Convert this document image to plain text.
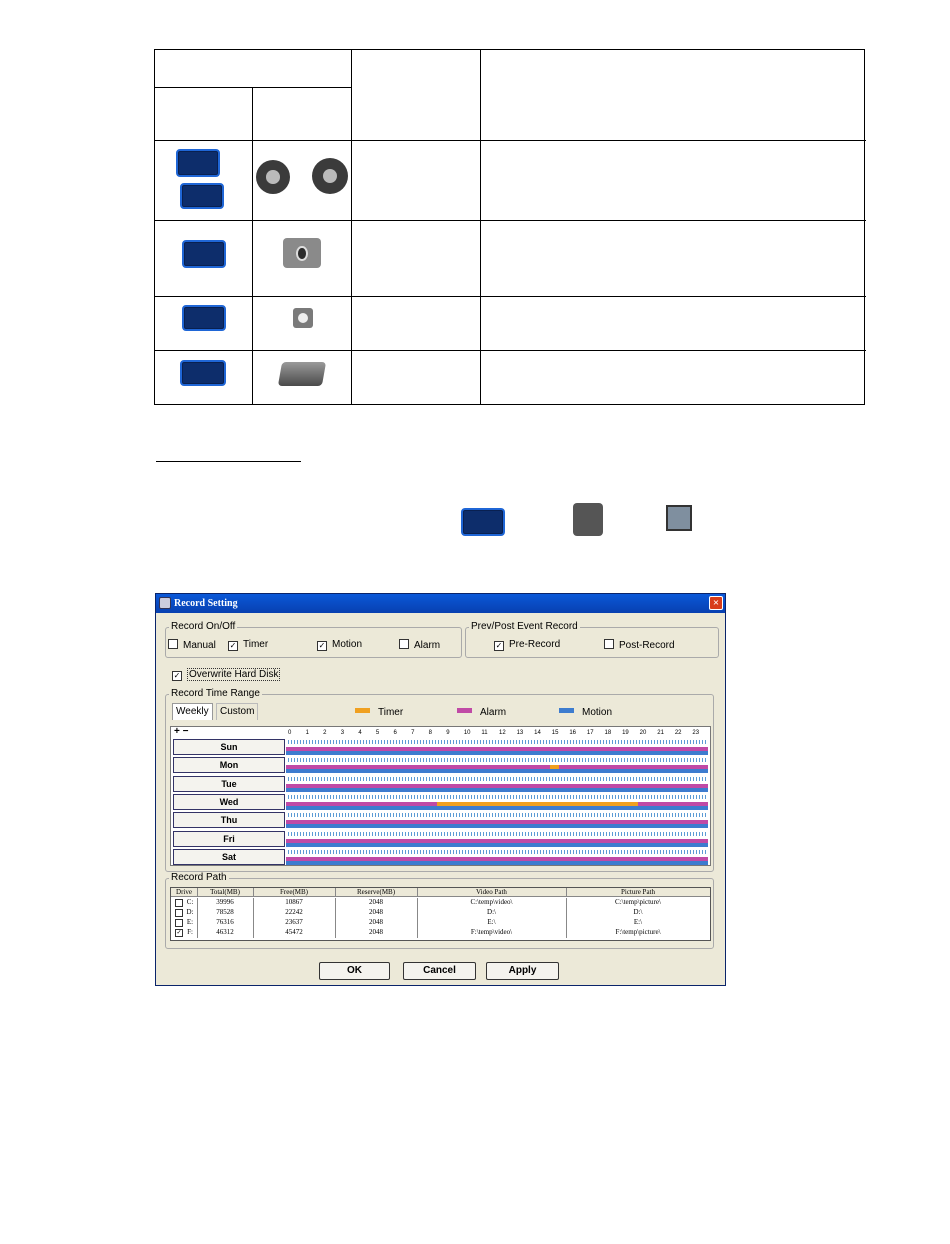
Record Setting	×
Record On/Off
Manual ✓ Timer	✓ Motion	Alarm
Prev/Post Event Record
✓ Pre-Record	Post-Record
✓ Overwrite Hard Disk
Record Time Range
Weekly	Custom	Timer	Alarm	Motion
+ −	0 1 2 3 4 5 6 7 8 9 10 11 12 13 14 15 16 17 18 19 20 21 22 23
Sun
Mon
Tue
Wed
Thu
Fri
Sat
Record Path
Drive	Total(MB)	Free(MB)	Reserve(MB)	Video Path	Picture Path
C:	39996	10867	2048	C:\temp\video\	C:\temp\picture\
D:	78528	22242	2048	D:\	D:\
E:	76316	23637	2048	E:\	E:\
✓ F:	46312	45472	2048	F:\temp\video\	F:\temp\picture\
OK	Cancel	Apply
